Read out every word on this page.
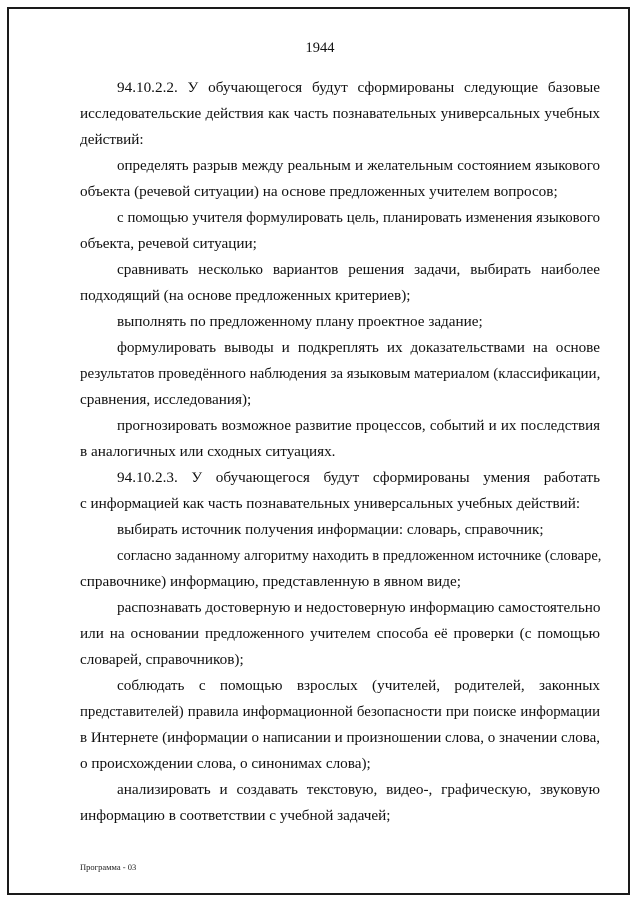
1944
94.10.2.2. У обучающегося будут сформированы следующие базовые
исследовательские действия как часть познавательных универсальных учебных
действий:
определять разрыв между реальным и желательным состоянием языкового
объекта (речевой ситуации) на основе предложенных учителем вопросов;
с помощью учителя формулировать цель, планировать изменения языкового
объекта, речевой ситуации;
сравнивать несколько вариантов решения задачи, выбирать наиболее
подходящий (на основе предложенных критериев);
выполнять по предложенному плану проектное задание;
формулировать выводы и подкреплять их доказательствами на основе
результатов проведённого наблюдения за языковым материалом (классификации,
сравнения, исследования);
прогнозировать возможное развитие процессов, событий и их последствия
в аналогичных или сходных ситуациях.
94.10.2.3. У обучающегося будут сформированы умения работать
с информацией как часть познавательных универсальных учебных действий:
выбирать источник получения информации: словарь, справочник;
согласно заданному алгоритму находить в предложенном источнике (словаре,
справочнике) информацию, представленную в явном виде;
распознавать достоверную и недостоверную информацию самостоятельно
или на основании предложенного учителем способа её проверки (с помощью
словарей, справочников);
соблюдать с помощью взрослых (учителей, родителей, законных
представителей) правила информационной безопасности при поиске информации
в Интернете (информации о написании и произношении слова, о значении слова,
о происхождении слова, о синонимах слова);
анализировать и создавать текстовую, видео-, графическую, звуковую
информацию в соответствии с учебной задачей;
Программа - 03
